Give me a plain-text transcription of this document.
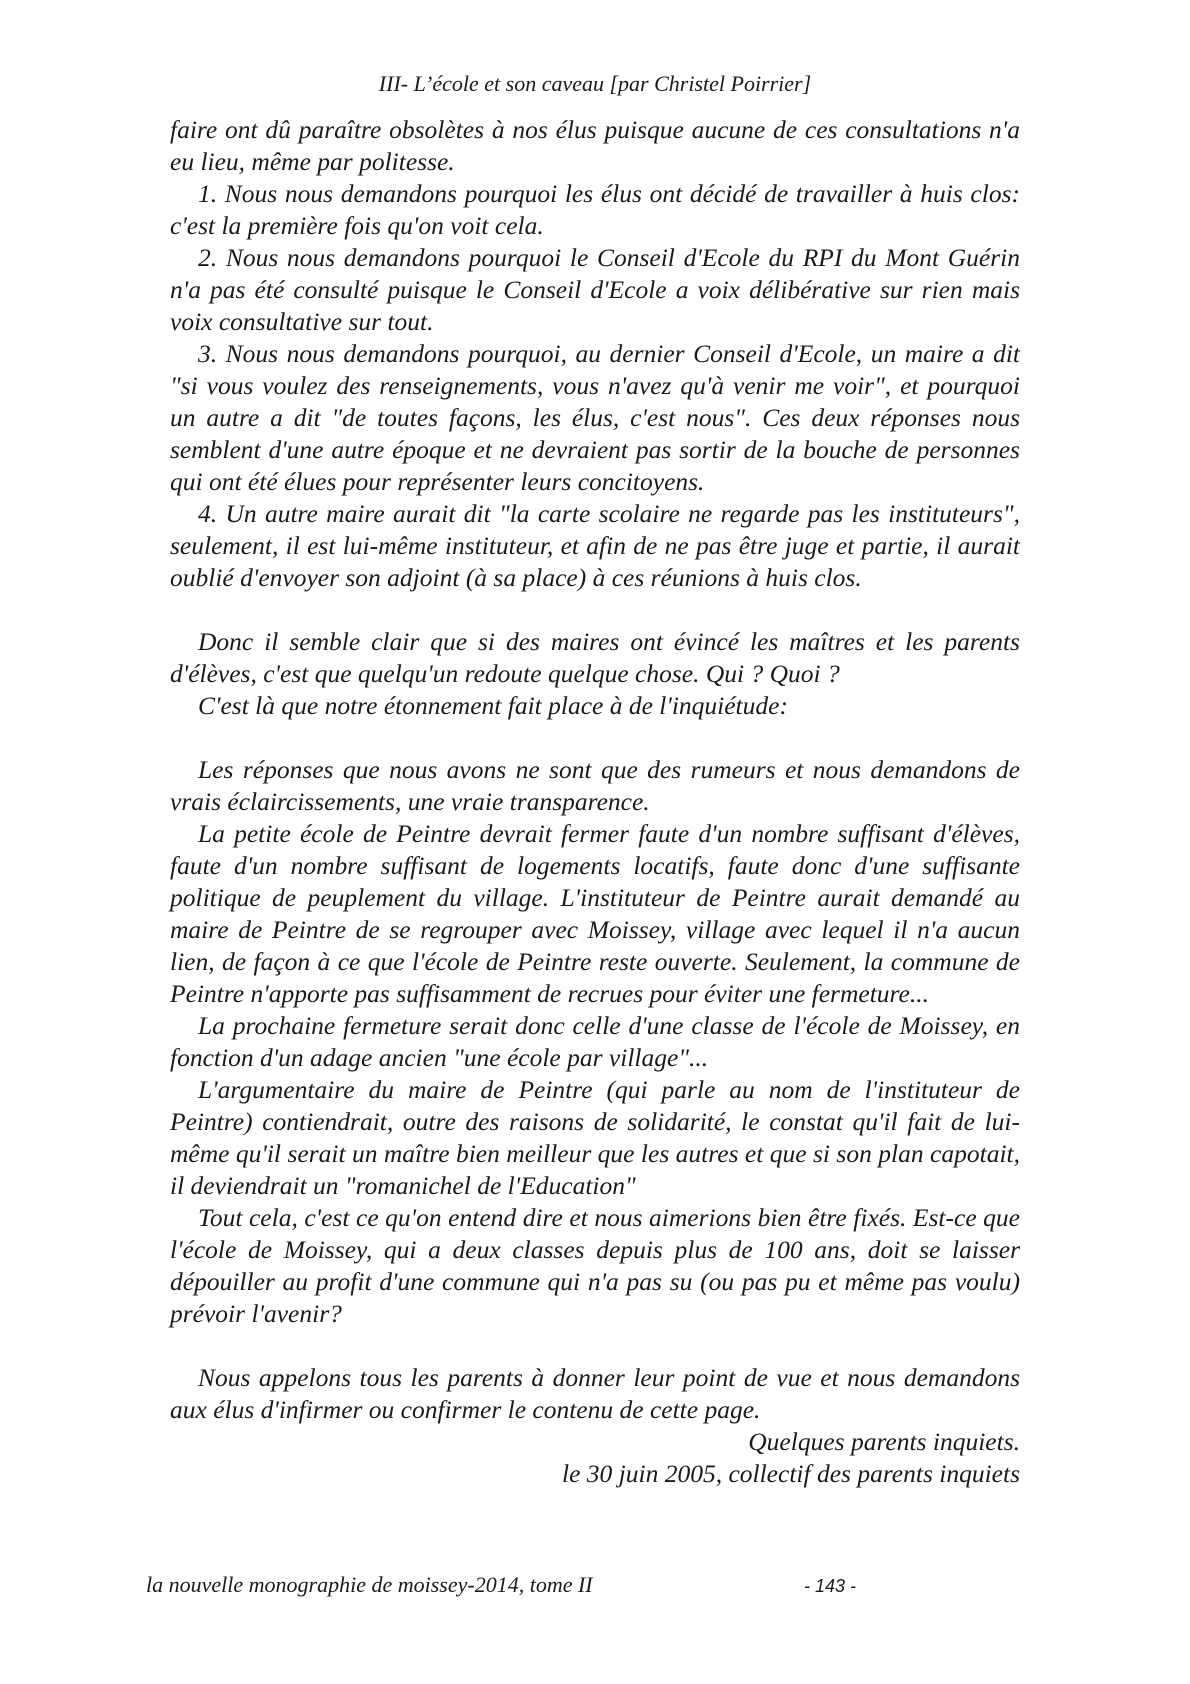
III- L’école et son caveau [par Christel Poirrier]

faire ont dû paraître obsolètes à nos élus puisque aucune de ces consultations n'a eu lieu, même par politesse.

1. Nous nous demandons pourquoi les élus ont décidé de travailler à huis clos: c'est la première fois qu'on voit cela.

2. Nous nous demandons pourquoi le Conseil d'Ecole du RPI du Mont Guérin n'a pas été consulté puisque le Conseil d'Ecole a voix délibérative sur rien mais voix consultative sur tout.

3. Nous nous demandons pourquoi, au dernier Conseil d'Ecole, un maire a dit "si vous voulez des renseignements, vous n'avez qu'à venir me voir", et pourquoi un autre a dit "de toutes façons, les élus, c'est nous". Ces deux réponses nous semblent d'une autre époque et ne devraient pas sortir de la bouche de personnes qui ont été élues pour représenter leurs concitoyens.

4. Un autre maire aurait dit "la carte scolaire ne regarde pas les instituteurs", seulement, il est lui-même instituteur, et afin de ne pas être juge et partie, il aurait oublié d'envoyer son adjoint (à sa place) à ces réunions à huis clos.

Donc il semble clair que si des maires ont évincé les maîtres et les parents d'élèves, c'est que quelqu'un redoute quelque chose. Qui ? Quoi ?

C'est là que notre étonnement fait place à de l'inquiétude:

Les réponses que nous avons ne sont que des rumeurs et nous demandons de vrais éclaircissements, une vraie transparence.

La petite école de Peintre devrait fermer faute d'un nombre suffisant d'élèves, faute d'un nombre suffisant de logements locatifs, faute donc d'une suffisante politique de peuplement du village. L'instituteur de Peintre aurait demandé au maire de Peintre de se regrouper avec Moissey, village avec lequel il n'a aucun lien, de façon à ce que l'école de Peintre reste ouverte. Seulement, la commune de Peintre n'apporte pas suffisamment de recrues pour éviter une fermeture...

La prochaine fermeture serait donc celle d'une classe de l'école de Moissey, en fonction d'un adage ancien "une école par village"...

L'argumentaire du maire de Peintre (qui parle au nom de l'instituteur de Peintre) contiendrait, outre des raisons de solidarité, le constat qu'il fait de lui-même qu'il serait un maître bien meilleur que les autres et que si son plan capotait, il deviendrait un "romanichel de l'Education"

Tout cela, c'est ce qu'on entend dire et nous aimerions bien être fixés. Est-ce que l'école de Moissey, qui a deux classes depuis plus de 100 ans, doit se laisser dépouiller au profit d'une commune qui n'a pas su (ou pas pu et même pas voulu) prévoir l'avenir?

Nous appelons tous les parents à donner leur point de vue et nous demandons aux élus d'infirmer ou confirmer le contenu de cette page.

Quelques parents inquiets.

le 30 juin 2005, collectif des parents inquiets

la nouvelle monographie de moissey-2014, tome II	- 143 -
